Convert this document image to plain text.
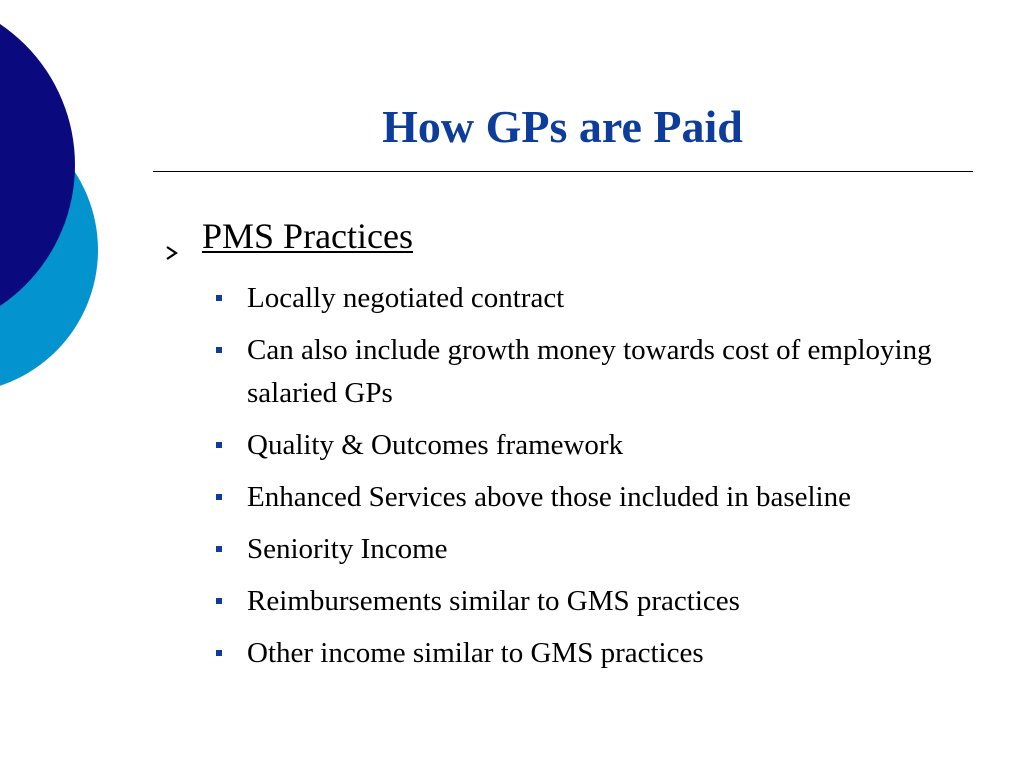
How GPs are Paid
PMS Practices
Locally negotiated contract
Can also include growth money towards cost of employing salaried GPs
Quality & Outcomes framework
Enhanced Services above those included in baseline
Seniority Income
Reimbursements similar to GMS practices
Other income similar to GMS practices
